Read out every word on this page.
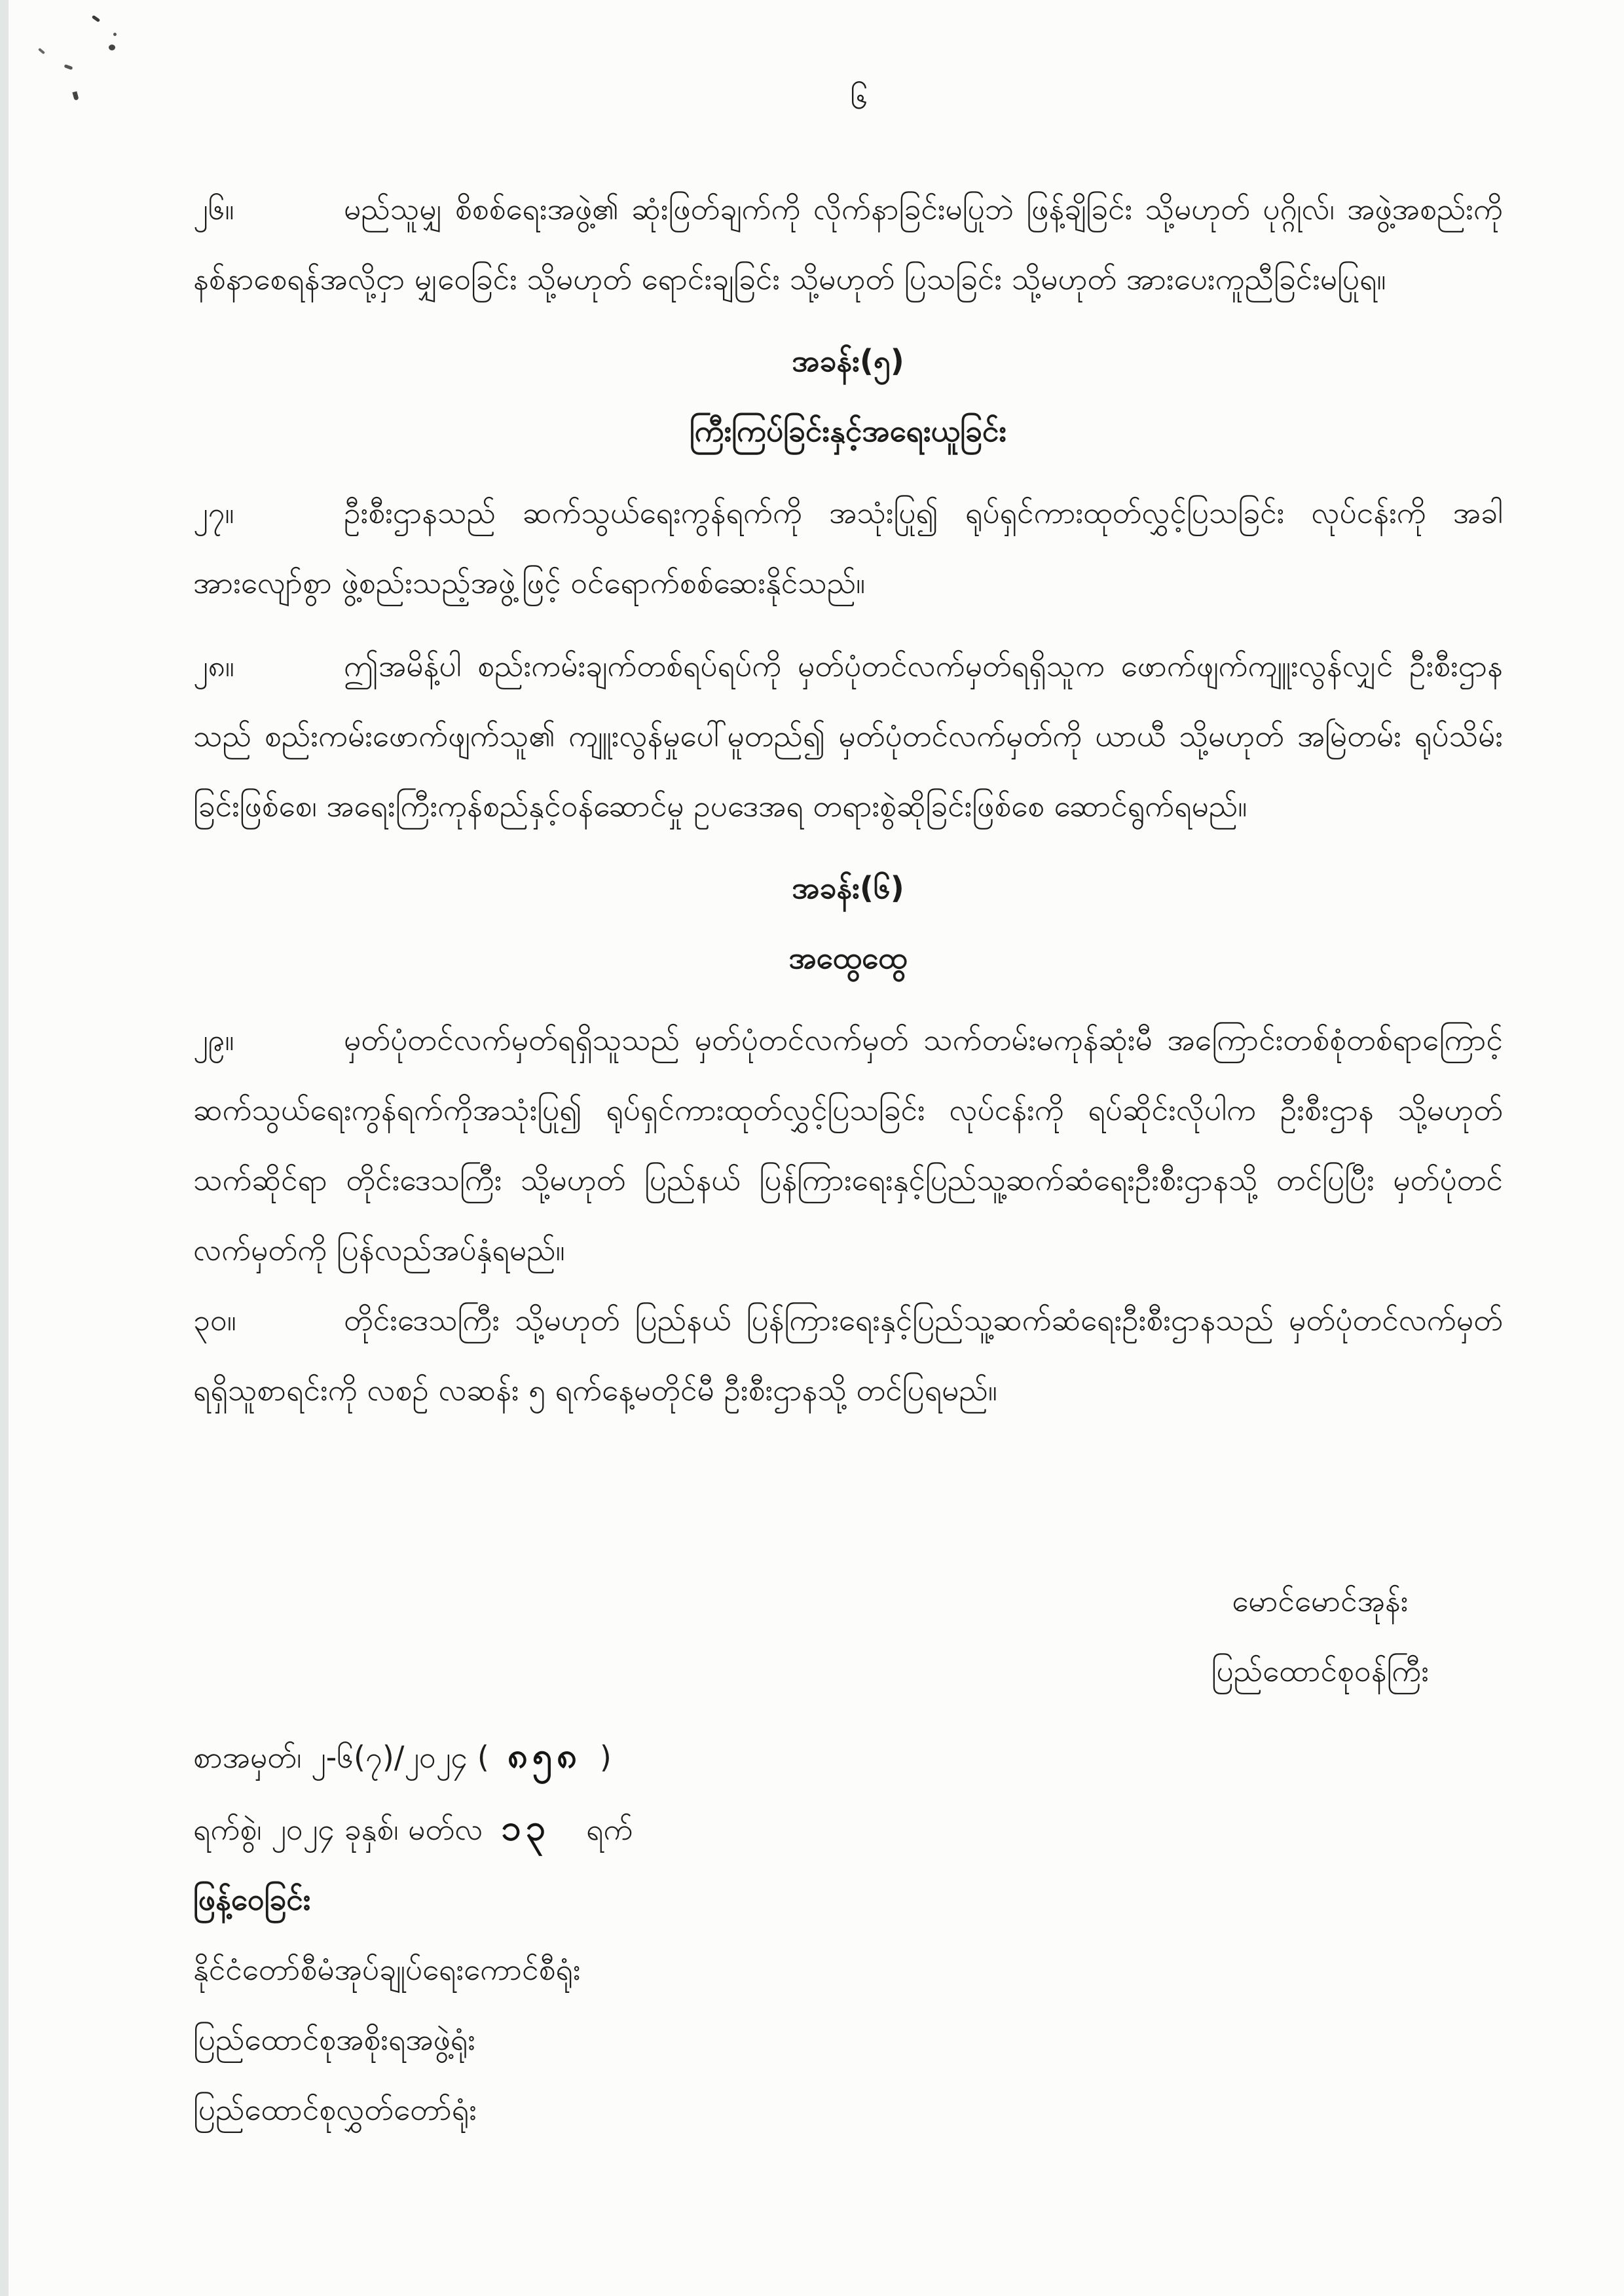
၆

၂၆။	မည်သူမျှ စိစစ်ရေးအဖွဲ့၏ ဆုံးဖြတ်ချက်ကို လိုက်နာခြင်းမပြုဘဲ ဖြန့်ချိခြင်း သို့မဟုတ် ပုဂ္ဂိုလ်၊ အဖွဲ့အစည်းကို နစ်နာစေရန်အလို့ငှာ မျှဝေခြင်း သို့မဟုတ် ရောင်းချခြင်း သို့မဟုတ် ပြသခြင်း သို့မဟုတ် အားပေးကူညီခြင်းမပြုရ။

အခန်း(၅)

ကြီးကြပ်ခြင်းနှင့်အရေးယူခြင်း

၂၇။	ဦးစီးဌာနသည် ဆက်သွယ်ရေးကွန်ရက်ကို အသုံးပြု၍ ရုပ်ရှင်ကားထုတ်လွှင့်ပြသခြင်း လုပ်ငန်းကို အခါအားလျော်စွာ ဖွဲ့စည်းသည့်အဖွဲ့ဖြင့် ဝင်ရောက်စစ်ဆေးနိုင်သည်။

၂၈။	ဤအမိန့်ပါ စည်းကမ်းချက်တစ်ရပ်ရပ်ကို မှတ်ပုံတင်လက်မှတ်ရရှိသူက ဖောက်ဖျက်ကျူးလွန်လျှင် ဦးစီးဌာနသည် စည်းကမ်းဖောက်ဖျက်သူ၏ ကျူးလွန်မှုပေါ်မူတည်၍ မှတ်ပုံတင်လက်မှတ်ကို ယာယီ သို့မဟုတ် အမြဲတမ်း ရုပ်သိမ်းခြင်းဖြစ်စေ၊ အရေးကြီးကုန်စည်နှင့်ဝန်ဆောင်မှု ဥပဒေအရ တရားစွဲဆိုခြင်းဖြစ်စေ ဆောင်ရွက်ရမည်။

အခန်း(၆)

အထွေထွေ

၂၉။	မှတ်ပုံတင်လက်မှတ်ရရှိသူသည် မှတ်ပုံတင်လက်မှတ် သက်တမ်းမကုန်ဆုံးမီ အကြောင်းတစ်စုံတစ်ရာကြောင့် ဆက်သွယ်ရေးကွန်ရက်ကိုအသုံးပြု၍ ရုပ်ရှင်ကားထုတ်လွှင့်ပြသခြင်း လုပ်ငန်းကို ရပ်ဆိုင်းလိုပါက ဦးစီးဌာန သို့မဟုတ် သက်ဆိုင်ရာ တိုင်းဒေသကြီး သို့မဟုတ် ပြည်နယ် ပြန်ကြားရေးနှင့်ပြည်သူ့ဆက်ဆံရေးဦးစီးဌာနသို့ တင်ပြပြီး မှတ်ပုံတင်လက်မှတ်ကို ပြန်လည်အပ်နှံရမည်။

၃၀။	တိုင်းဒေသကြီး သို့မဟုတ် ပြည်နယ် ပြန်ကြားရေးနှင့်ပြည်သူ့ဆက်ဆံရေးဦးစီးဌာနသည် မှတ်ပုံတင်လက်မှတ် ရရှိသူစာရင်းကို လစဉ် လဆန်း ၅ ရက်နေ့မတိုင်မီ ဦးစီးဌာနသို့ တင်ပြရမည်။

မောင်မောင်အုန်း
ပြည်ထောင်စုဝန်ကြီး

စာအမှတ်၊ ၂-၆(၇)/၂၀၂၄ ( ၈၅၈ )

ရက်စွဲ၊ ၂၀၂၄ ခုနှစ်၊ မတ်လ ၁၃ ရက်

ဖြန့်ဝေခြင်း

နိုင်ငံတော်စီမံအုပ်ချုပ်ရေးကောင်စီရုံး

ပြည်ထောင်စုအစိုးရအဖွဲ့ရုံး

ပြည်ထောင်စုလွှတ်တော်ရုံး
